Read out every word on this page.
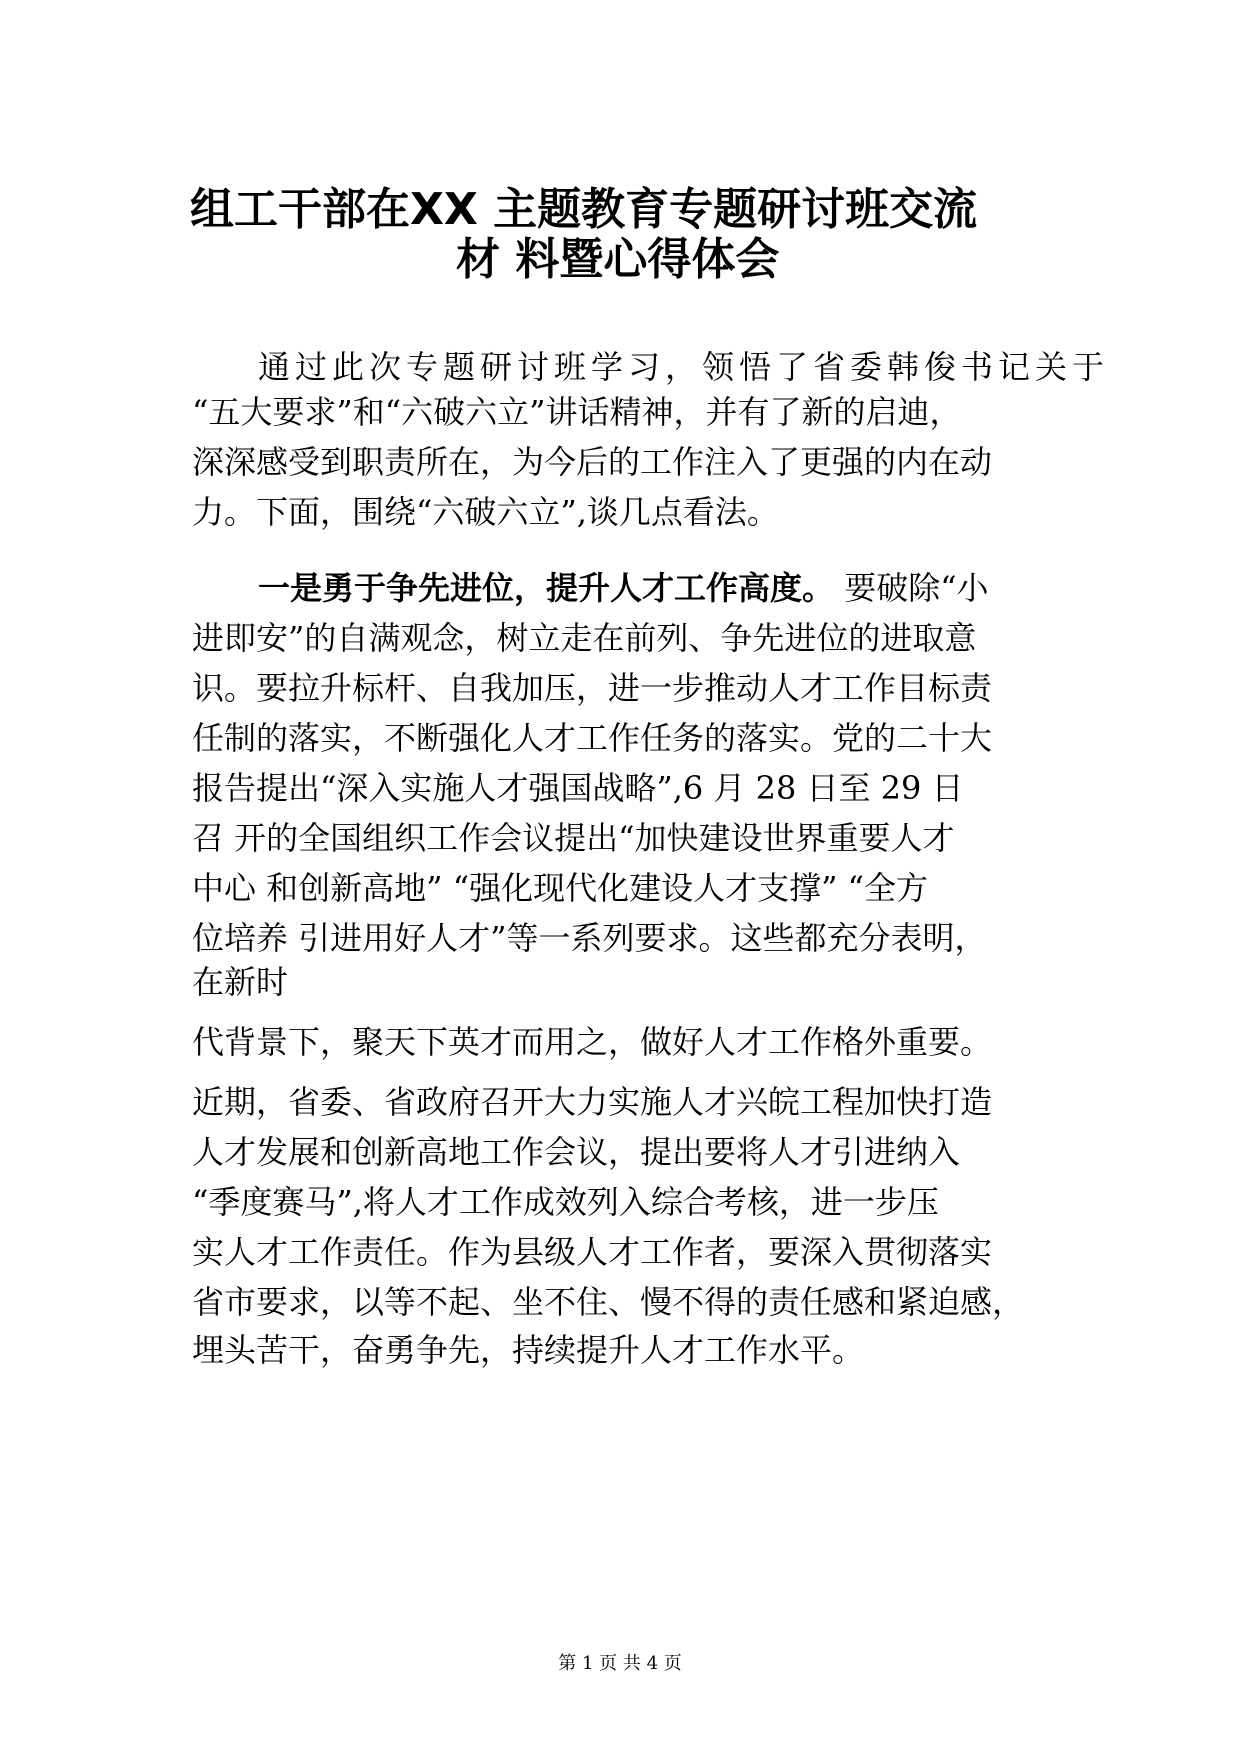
组工干部在XX 主题教育专题研讨班交流
材 料暨心得体会
通过此次专题研讨班学习，领悟了省委韩俊书记关于
“五大要求”和“六破六立”讲话精神，并有了新的启迪，
深深感受到职责所在，为今后的工作注入了更强的内在动
力。下面，围绕“六破六立”,谈几点看法。
一是勇于争先进位，提升人才工作高度。 要破除“小
进即安”的自满观念，树立走在前列、争先进位的进取意
识。要拉升标杆、自我加压，进一步推动人才工作目标责
任制的落实，不断强化人才工作任务的落实。党的二十大
报告提出“深入实施人才强国战略”,6 月 28 日至 29 日
召 开的全国组织工作会议提出“加快建设世界重要人才
中心 和创新高地” “强化现代化建设人才支撑” “全方
位培养 引进用好人才”等一系列要求。这些都充分表明，
在新时
代背景下，聚天下英才而用之，做好人才工作格外重要。
近期，省委、省政府召开大力实施人才兴皖工程加快打造
人才发展和创新高地工作会议，提出要将人才引进纳入
“季度赛马”,将人才工作成效列入综合考核，进一步压
实人才工作责任。作为县级人才工作者，要深入贯彻落实
省市要求，以等不起、坐不住、慢不得的责任感和紧迫感，
埋头苦干，奋勇争先，持续提升人才工作水平。
第 1 页 共 4 页
